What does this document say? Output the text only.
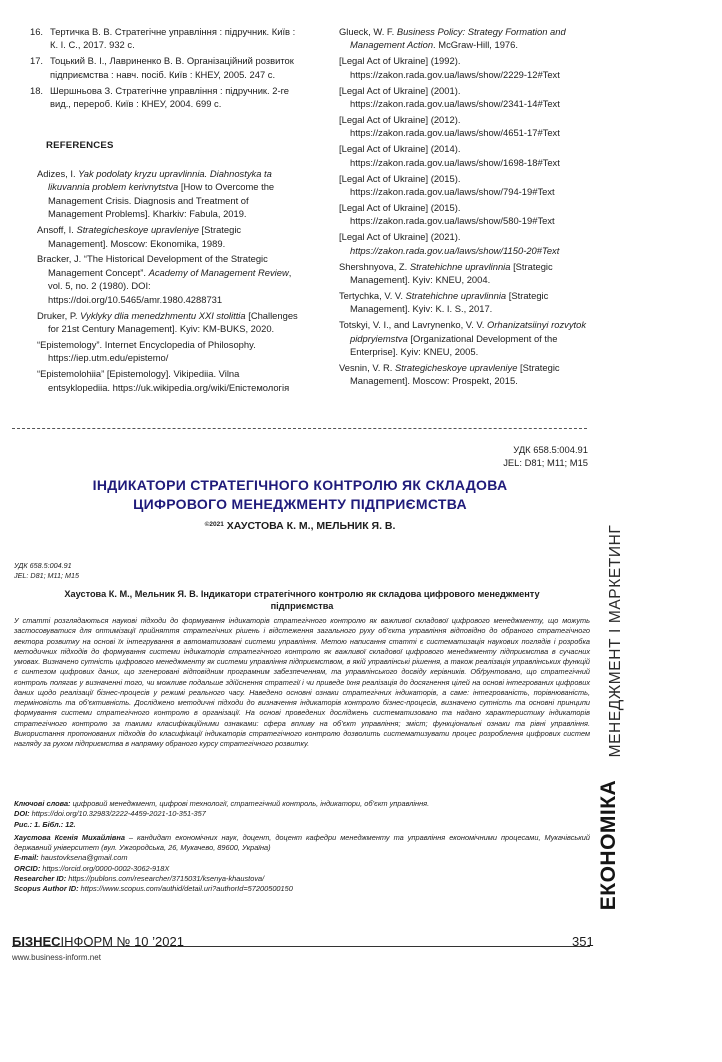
16. Тертичка В. В. Стратегічне управління : підручник. Київ : К. І. С., 2017. 932 с.
17. Тоцький В. І., Лавриненко В. В. Організаційний розвиток підприємства : навч. посіб. Київ : КНЕУ, 2005. 247 с.
18. Шершньова З. Стратегічне управління : підручник. 2-ге вид., перероб. Київ : КНЕУ, 2004. 699 с.
REFERENCES
Adizes, I. Yak podolaty kryzu upravlinnia. Diahnostyka ta likuvannia problem kerivnytstva [How to Overcome the Management Crisis. Diagnosis and Treatment of Management Problems]. Kharkiv: Fabula, 2019.
Ansoff, I. Strategicheskoye upravleniye [Strategic Management]. Moscow: Ekonomika, 1989.
Bracker, J. “The Historical Development of the Strategic Management Concept”. Academy of Management Review, vol. 5, no. 2 (1980). DOI: https://doi.org/10.5465/amr.1980.4288731
Druker, P. Vyklyky dlia menedzhmentu XXI stolittia [Challenges for 21st Century Management]. Kyiv: KM-BUKS, 2020.
“Epistemology”. Internet Encyclopedia of Philosophy. https://iep.utm.edu/epistemo/
“Epistemolohiia” [Epistemology]. Vikipediia. Vilna entsyklopediia. https://uk.wikipedia.org/wiki/Епістемологія
Glueck, W. F. Business Policy: Strategy Formation and Management Action. McGraw-Hill, 1976.
[Legal Act of Ukraine] (1992). https://zakon.rada.gov.ua/laws/show/2229-12#Text
[Legal Act of Ukraine] (2001). https://zakon.rada.gov.ua/laws/show/2341-14#Text
[Legal Act of Ukraine] (2012). https://zakon.rada.gov.ua/laws/show/4651-17#Text
[Legal Act of Ukraine] (2014). https://zakon.rada.gov.ua/laws/show/1698-18#Text
[Legal Act of Ukraine] (2015). https://zakon.rada.gov.ua/laws/show/794-19#Text
[Legal Act of Ukraine] (2015). https://zakon.rada.gov.ua/laws/show/580-19#Text
[Legal Act of Ukraine] (2021). https://zakon.rada.gov.ua/laws/show/1150-20#Text
Shershnyova, Z. Stratehichne upravlinnia [Strategic Management]. Kyiv: KNEU, 2004.
Tertychka, V. V. Stratehichne upravlinnia [Strategic Management]. Kyiv: K. I. S., 2017.
Totskyi, V. I., and Lavrynenko, V. V. Orhanizatsiinyi rozvytok pidpryiemstva [Organizational Development of the Enterprise]. Kyiv: KNEU, 2005.
Vesnin, V. R. Strategicheskoye upravleniye [Strategic Management]. Moscow: Prospekt, 2015.
УДК 658.5:004.91
JEL: D81; M11; M15
ІНДИКАТОРИ СТРАТЕГІЧНОГО КОНТРОЛЮ ЯК СКЛАДОВА
ЦИФРОВОГО МЕНЕДЖМЕНТУ ПІДПРИЄМСТВА
$^{©2021}$ ХАУСТОВА К. М., МЕЛЬНИК Я. В.
УДК 658.5:004.91
JEL: D81; M11; M15
Хаустова К. М., Мельник Я. В. Індикатори стратегічного контролю як складова цифрового менеджменту
підприємства
У статті розглядаються наукові підходи до формування індикаторів стратегічного контролю як важливої складової цифрового менеджменту, що можуть застосовуватися для оптимізації прийняття стратегічних рішень і відстеження загального руху об’єкта управління відповідно до обраного стратегічного вектора розвитку на основі їх інтегрування в автоматизовані системи управління. Метою написання статті є систематизація наукових поглядів і розробка методичних підходів до формування системи індикаторів стратегічного контролю як важливої складової цифрового менеджменту підприємства в сучасних умовах. Визначено сутність цифрового менеджменту як системи управління підприємством, в якій управлінські рішення, а також реалізація управлінських функцій є синтезом цифрових даних, що згенеровані відповідним програмним забезпеченням, та управлінського досвіду керівників. Обґрунтовано, що стратегічний контроль полягає у визначенні того, чи можливе подальше здійснення стратегії і чи приведе їхня реалізація до досягнення цілей на основі інтегрованих цифрових даних щодо реалізації бізнес-процесів у режимі реального часу. Наведено основні ознаки стратегічних індикаторів, а саме: інтегрованість, порівнюваність, терміновість та об’єктивність. Досліджено методичні підходи до визначення індикаторів контролю бізнес-процесів, визначено сутність та основні принципи формування системи стратегічного контролю в організації. На основі проведених досліджень систематизовано та надано характеристику індикаторів стратегічного контролю за такими класифікаційними ознаками: сфера впливу на об’єкт управління; зміст; функціональні ознаки та рівні управління. Використання пропонованих підходів до класифікації індикаторів стратегічного контролю дозволить систематизувати процес розроблення цифрових систем нагляду за рухом підприємства в напрямку обраного курсу стратегічного розвитку.
Ключові слова: цифровий менеджмент, цифрові технології, стратегічний контроль, індикатори, об’єкт управління.
DOI: https://doi.org/10.32983/2222-4459-2021-10-351-357
Рис.: 1. Бібл.: 12.
Хаустова Ксенія Михайлівна – кандидат економічних наук, доцент, доцент кафедри менеджменту та управління економічними процесами, Мукачівський державний університет (вул. Ужгородська, 26, Мукачево, 89600, Україна)
E-mail: haustovksena@gmail.com
ORCID: https://orcid.org/0000-0002-3062-918X
Researcher ID: https://publons.com/researcher/3715031/ksenya-khaustova/
Scopus Author ID: https://www.scopus.com/authid/detail.uri?authorId=57200500150
МЕНЕДЖМЕНТ І МАРКЕТИНГ
ЕКОНОМІКА
БІЗНЕСІНФОРМ № 10 ’2021	351
www.business-inform.net
